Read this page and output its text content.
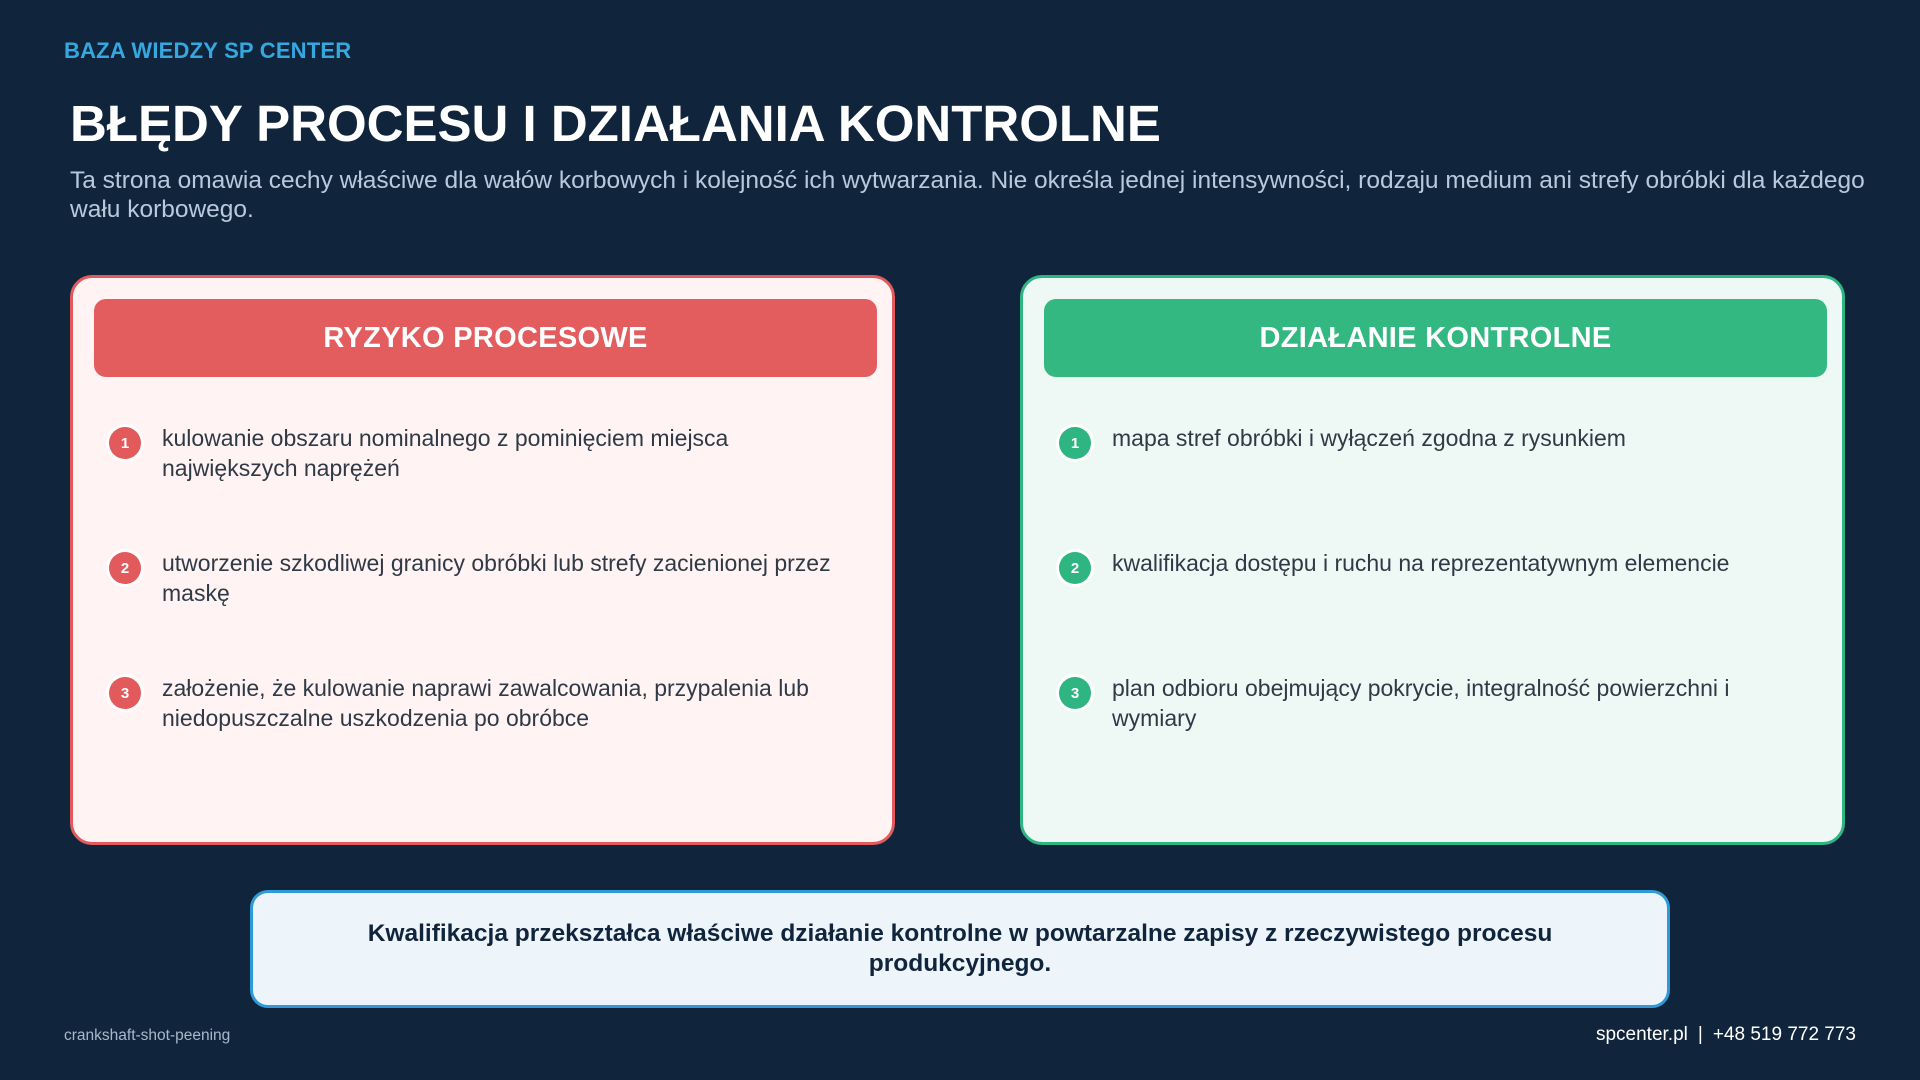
BAZA WIEDZY SP CENTER
BŁĘDY PROCESU I DZIAŁANIA KONTROLNE

Ta strona omawia cechy właściwe dla wałów korbowych i kolejność ich wytwarzania. Nie określa jednej intensywności, rodzaju medium ani strefy obróbki dla każdego wału korbowego.

RYZYKO PROCESOWE
1	kulowanie obszaru nominalnego z pominięciem miejsca największych naprężeń
2	utworzenie szkodliwej granicy obróbki lub strefy zacienionej przez maskę
3	założenie, że kulowanie naprawi zawalcowania, przypalenia lub niedopuszczalne uszkodzenia po obróbce
DZIAŁANIE KONTROLNE
1	mapa stref obróbki i wyłączeń zgodna z rysunkiem
2	kwalifikacja dostępu i ruchu na reprezentatywnym elemencie
3	plan odbioru obejmujący pokrycie, integralność powierzchni i wymiary
Kwalifikacja przekształca właściwe działanie kontrolne w powtarzalne zapisy z rzeczywistego procesu produkcyjnego.
crankshaft-shot-peening	spcenter.pl | +48 519 772 773
